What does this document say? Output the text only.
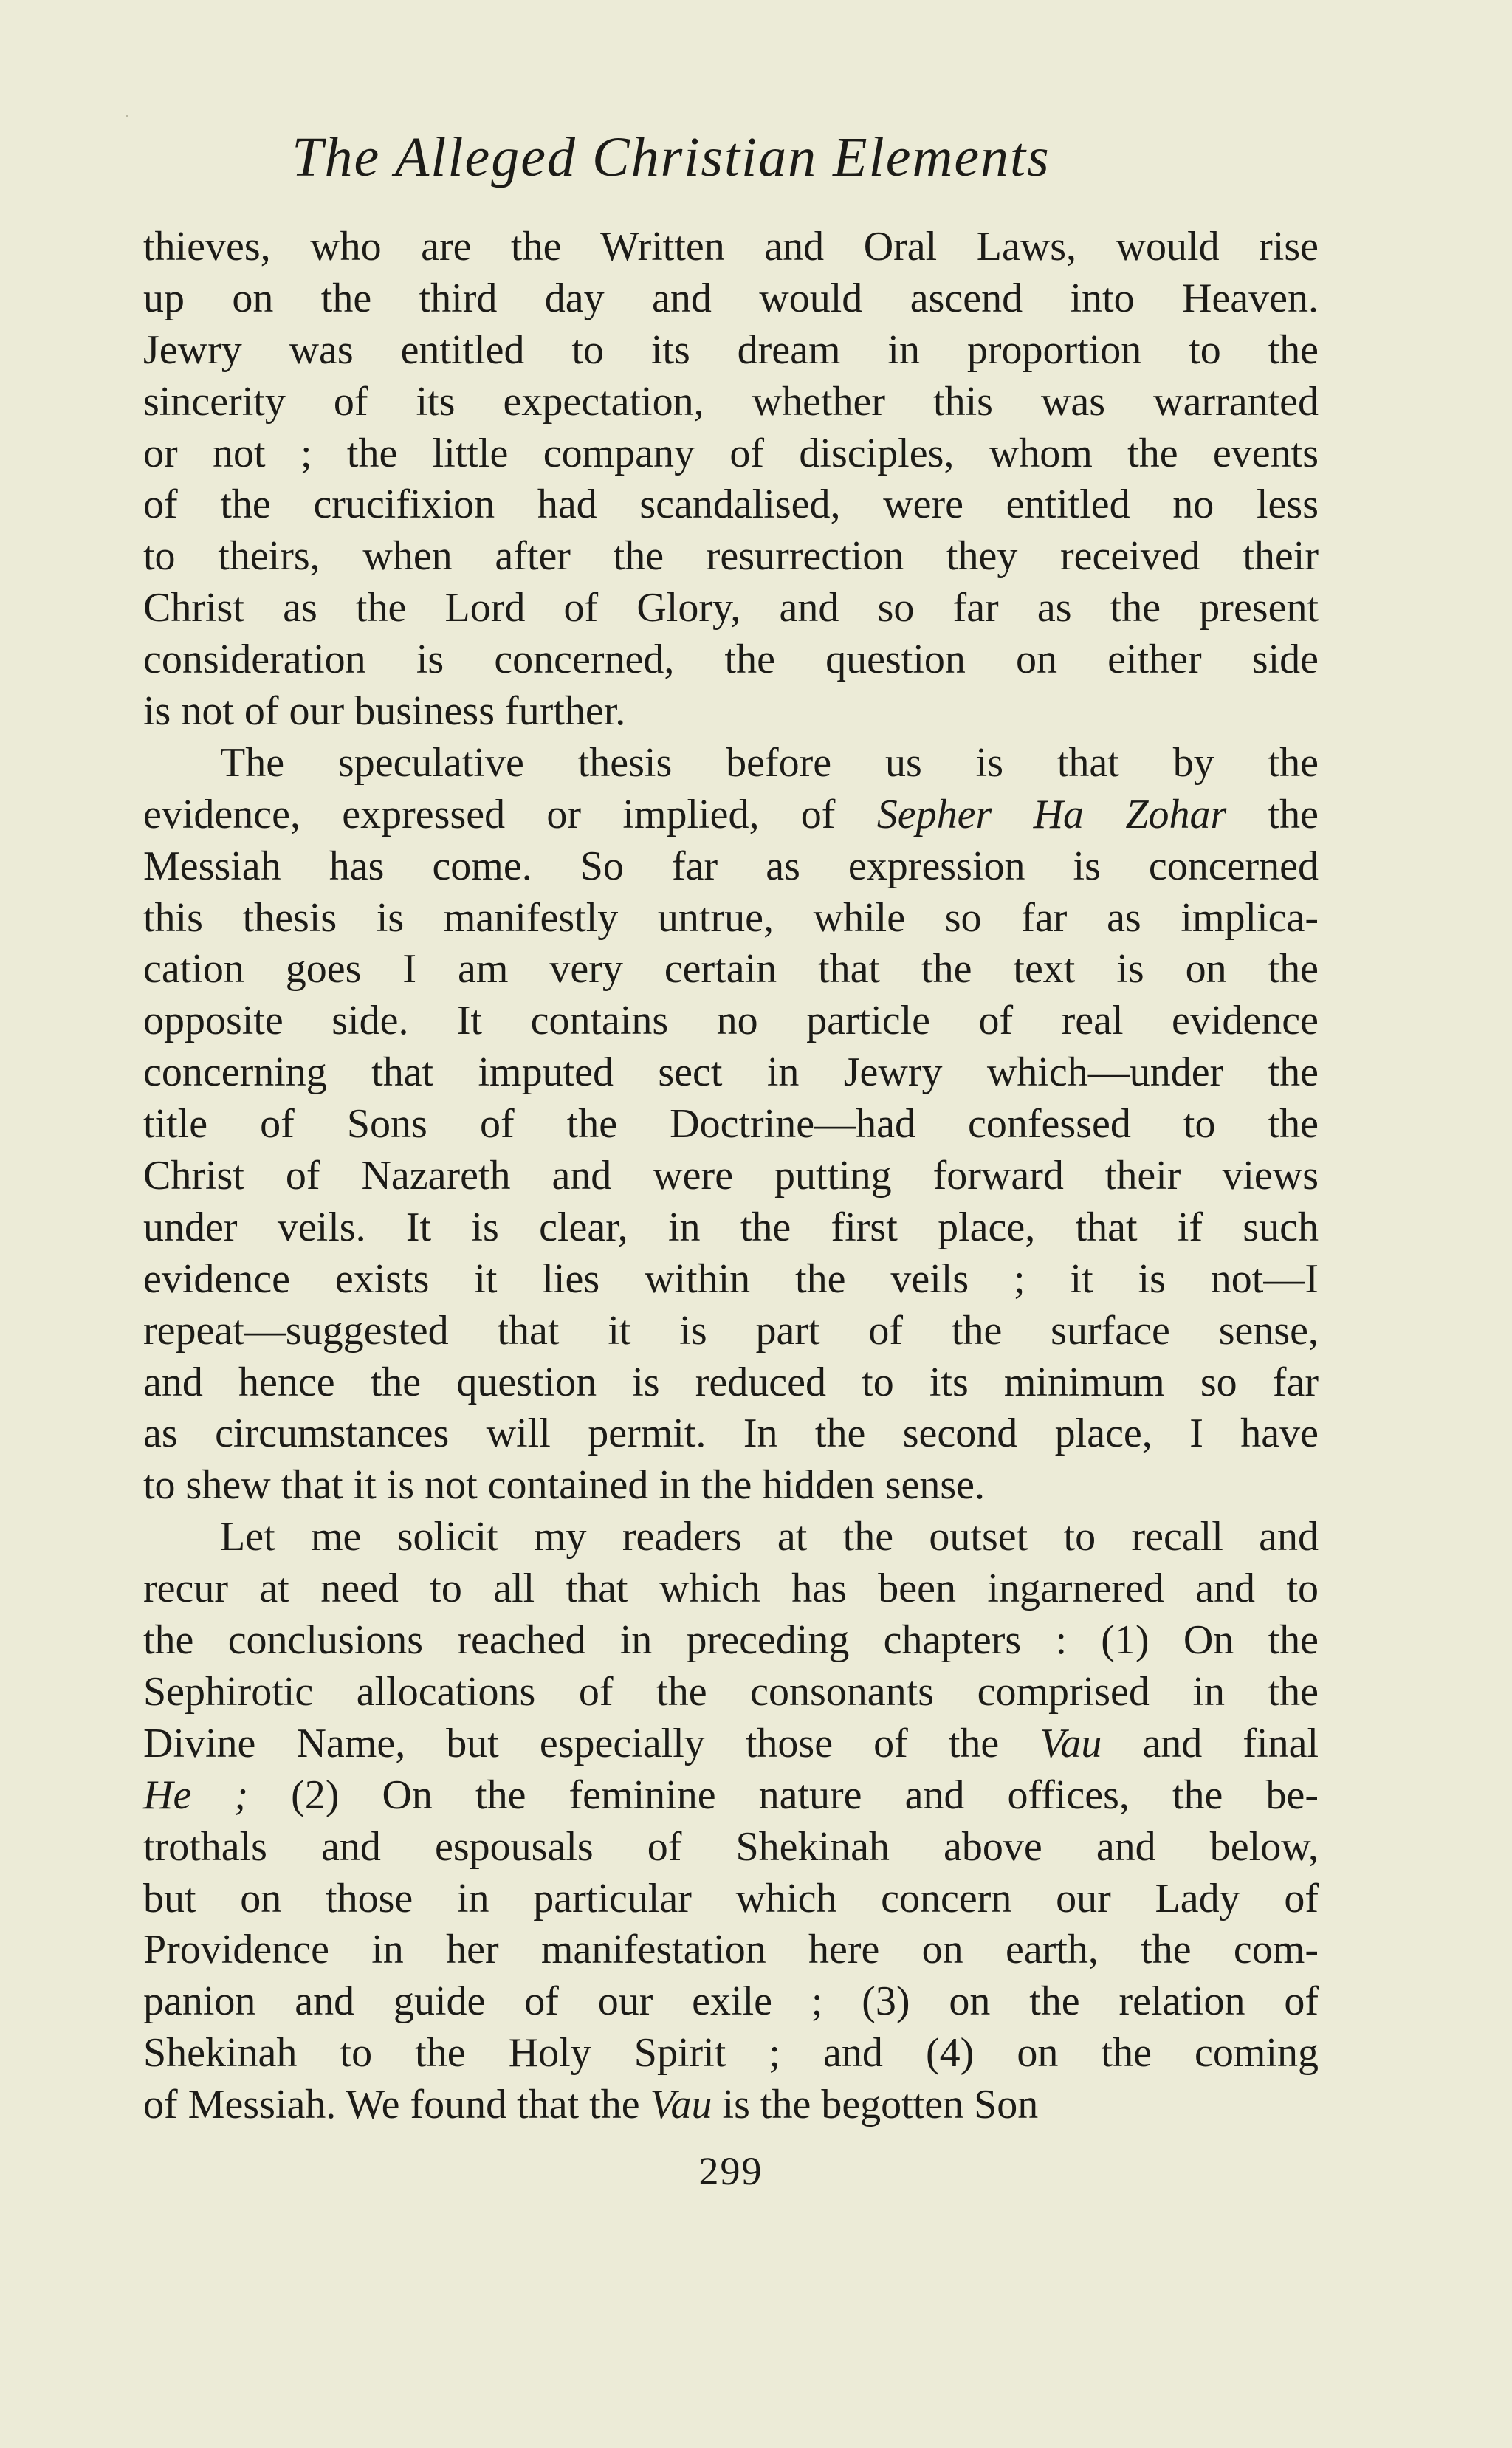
The Alleged Christian Elements
thieves, who are the Written and Oral Laws, would rise
up on the third day and would ascend into Heaven.
Jewry was entitled to its dream in proportion to the
sincerity of its expectation, whether this was warranted
or not ; the little company of disciples, whom the events
of the crucifixion had scandalised, were entitled no less
to theirs, when after the resurrection they received their
Christ as the Lord of Glory, and so far as the present
consideration is concerned, the question on either side
is not of our business further.
The speculative thesis before us is that by the
evidence, expressed or implied, of Sepher Ha Zohar the
Messiah has come. So far as expression is concerned
this thesis is manifestly untrue, while so far as implica-
cation goes I am very certain that the text is on the
opposite side. It contains no particle of real evidence
concerning that imputed sect in Jewry which—under the
title of Sons of the Doctrine—had confessed to the
Christ of Nazareth and were putting forward their views
under veils. It is clear, in the first place, that if such
evidence exists it lies within the veils ; it is not—I
repeat—suggested that it is part of the surface sense,
and hence the question is reduced to its minimum so far
as circumstances will permit. In the second place, I have
to shew that it is not contained in the hidden sense.
Let me solicit my readers at the outset to recall and
recur at need to all that which has been ingarnered and to
the conclusions reached in preceding chapters : (1) On the
Sephirotic allocations of the consonants comprised in the
Divine Name, but especially those of the Vau and final
He ; (2) On the feminine nature and offices, the be-
trothals and espousals of Shekinah above and below,
but on those in particular which concern our Lady of
Providence in her manifestation here on earth, the com-
panion and guide of our exile ; (3) on the relation of
Shekinah to the Holy Spirit ; and (4) on the coming
of Messiah. We found that the Vau is the begotten Son
299
